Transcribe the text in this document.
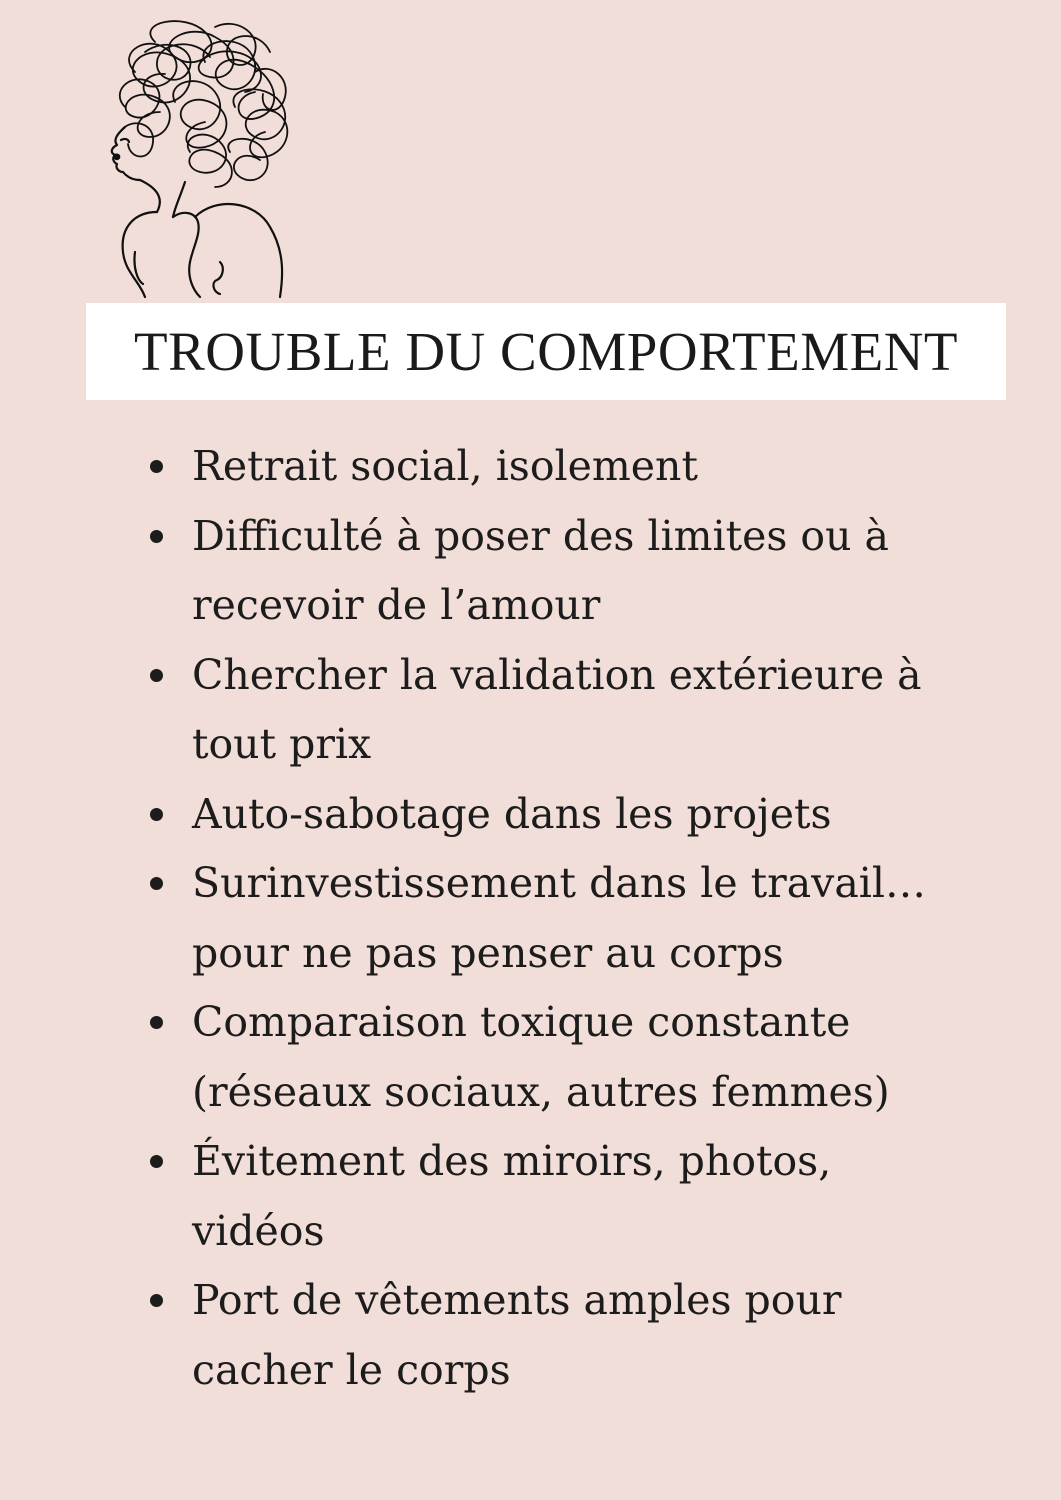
TROUBLE DU COMPORTEMENT
Retrait social, isolement
Difficulté à poser des limites ou à
recevoir de l’amour
Chercher la validation extérieure à
tout prix
Auto-sabotage dans les projets
Surinvestissement dans le travail…
pour ne pas penser au corps
Comparaison toxique constante
(réseaux sociaux, autres femmes)
Évitement des miroirs, photos,
vidéos
Port de vêtements amples pour
cacher le corps
